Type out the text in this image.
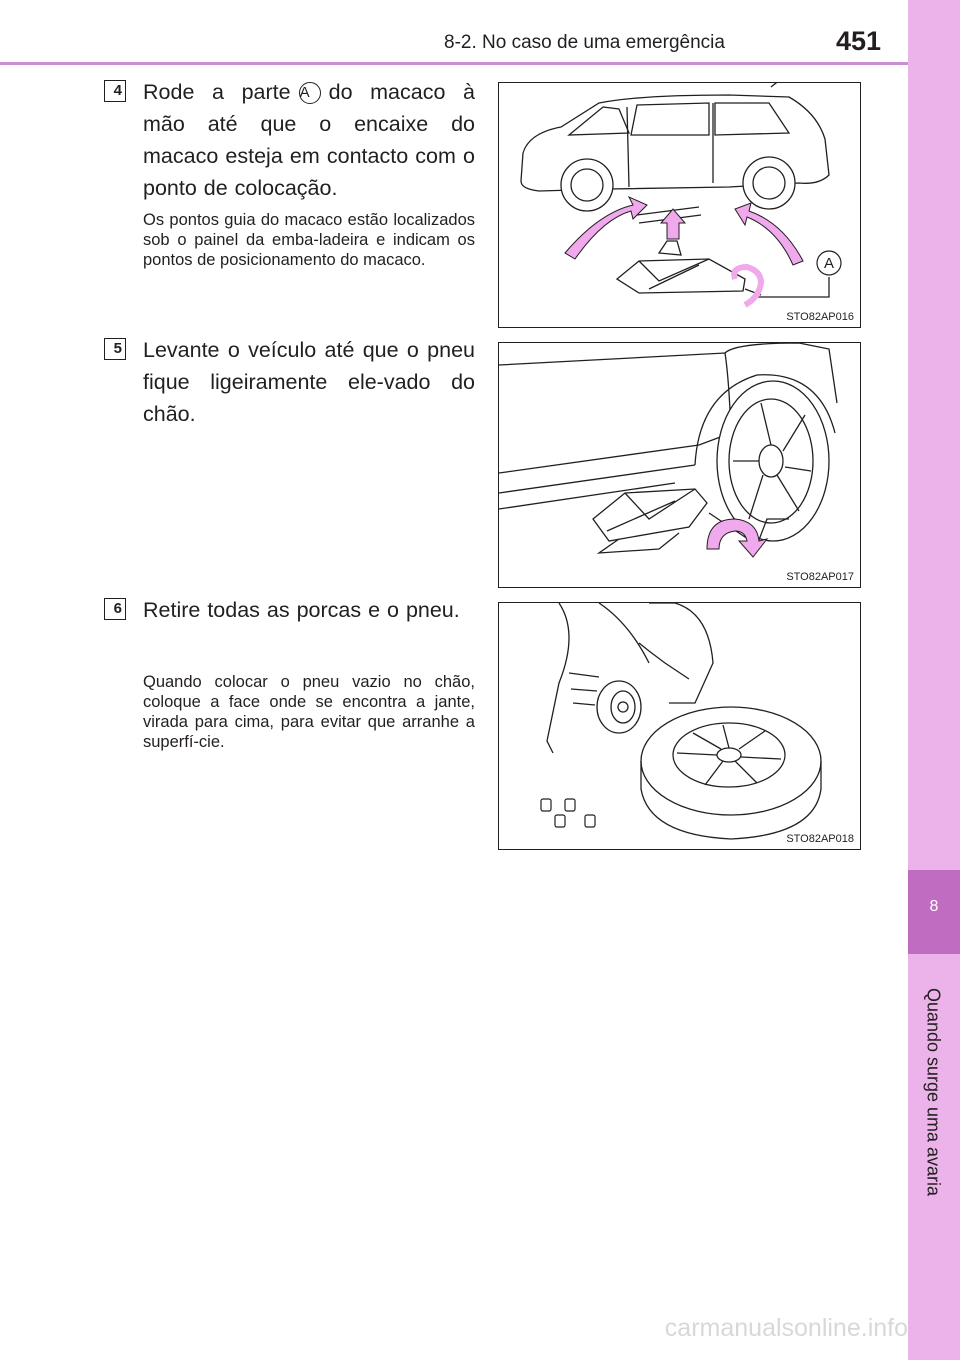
8-2. No caso de uma emergência	451
8
Quando surge uma avaria
4 Rode a parte A do macaco à mão até que o encaixe do macaco esteja em contacto com o ponto de colocação.
Os pontos guia do macaco estão localizados sob o painel da emba-ladeira e indicam os pontos de posicionamento do macaco.	A
STO82AP016
5 Levante o veículo até que o pneu fique ligeiramente ele-vado do chão.
STO82AP017
6 Retire todas as porcas e o pneu.
Quando colocar o pneu vazio no chão, coloque a face onde se encontra a jante, virada para cima, para evitar que arranhe a superfí-cie.
STO82AP018
carmanualsonline.info
